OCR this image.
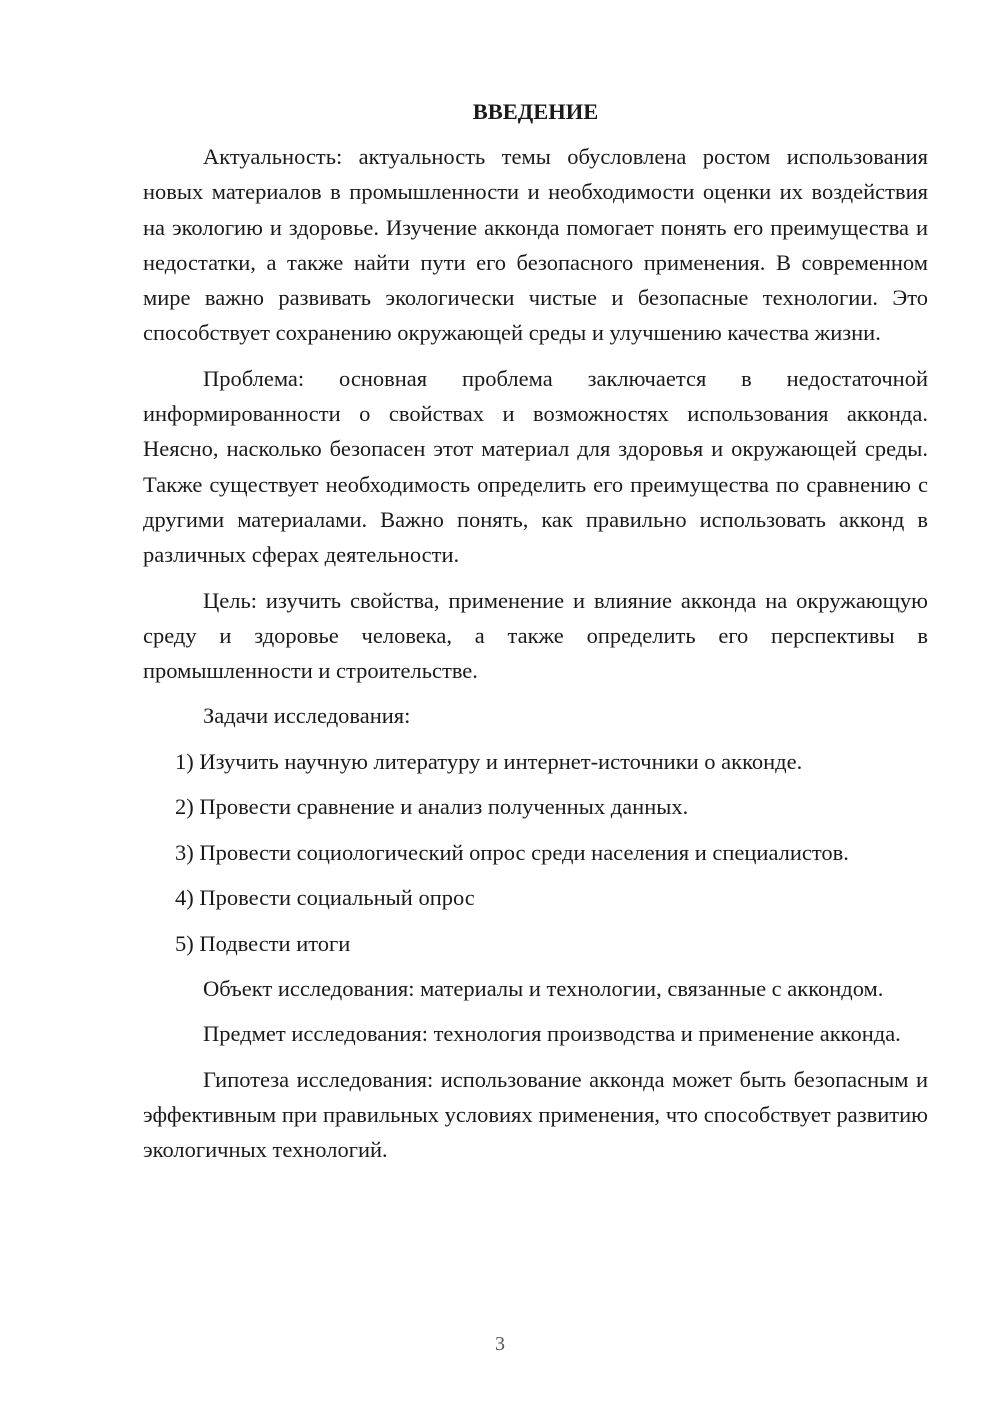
ВВЕДЕНИЕ

Актуальность: актуальность темы обусловлена ростом использования новых материалов в промышленности и необходимости оценки их воздействия на экологию и здоровье. Изучение акконда помогает понять его преимущества и недостатки, а также найти пути его безопасного применения. В современном мире важно развивать экологически чистые и безопасные технологии. Это способствует сохранению окружающей среды и улучшению качества жизни.

Проблема: основная проблема заключается в недостаточной информированности о свойствах и возможностях использования акконда. Неясно, насколько безопасен этот материал для здоровья и окружающей среды. Также существует необходимость определить его преимущества по сравнению с другими материалами. Важно понять, как правильно использовать акконд в различных сферах деятельности.

Цель: изучить свойства, применение и влияние акконда на окружающую среду и здоровье человека, а также определить его перспективы в промышленности и строительстве.

Задачи исследования:

1) Изучить научную литературу и интернет-источники о акконде.
2) Провести сравнение и анализ полученных данных.
3) Провести социологический опрос среди населения и специалистов.
4) Провести социальный опрос
5) Подвести итоги

Объект исследования: материалы и технологии, связанные с аккондом.

Предмет исследования: технология производства и применение акконда.

Гипотеза исследования: использование акконда может быть безопасным и эффективным при правильных условиях применения, что способствует развитию экологичных технологий.

3
